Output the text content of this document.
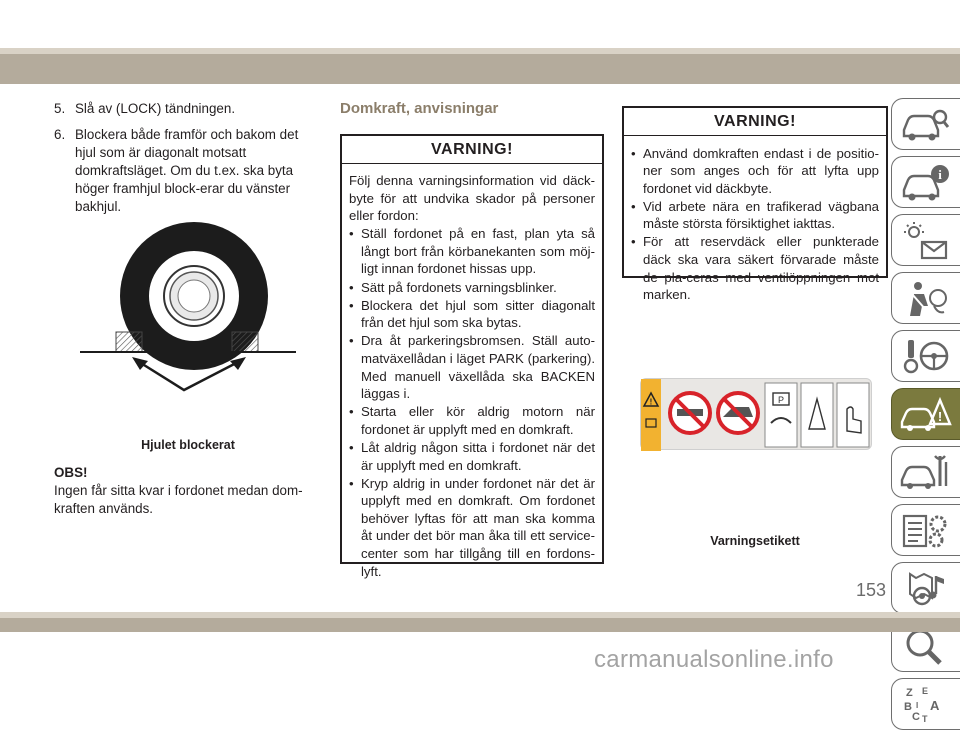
5. Slå av (LOCK) tändningen.
6. Blockera både framför och bakom det hjul som är diagonalt motsatt domkraftsläget. Om du t.ex. ska byta höger framhjul block-erar du vänster bakhjul.
Hjulet blockerat
OBS!
Ingen får sitta kvar i fordonet medan dom-kraften används.
Domkraft, anvisningar
VARNING!
Följ denna varningsinformation vid däck-byte för att undvika skador på personer eller fordon:
• Ställ fordonet på en fast, plan yta så långt bort från körbanekanten som möj-ligt innan fordonet hissas upp.
• Sätt på fordonets varningsblinker.
• Blockera det hjul som sitter diagonalt från det hjul som ska bytas.
• Dra åt parkeringsbromsen. Ställ auto-matväxellådan i läget PARK (parkering). Med manuell växellåda ska BACKEN läggas i.
• Starta eller kör aldrig motorn när fordonet är upplyft med en domkraft.
• Låt aldrig någon sitta i fordonet när det är upplyft med en domkraft.
• Kryp aldrig in under fordonet när det är upplyft med en domkraft. Om fordonet behöver lyftas för att man ska komma åt under det bör man åka till ett service-center som har tillgång till en fordons-lyft.
VARNING!
• Använd domkraften endast i de positio-ner som anges och för att lyfta upp fordonet vid däckbyte.
• Vid arbete nära en trafikerad vägbana måste största försiktighet iakttas.
• För att reservdäck eller punkterade däck ska vara säkert förvarade måste de pla-ceras med ventilöppningen mot marken.
!	P
Varningsetikett
i
!
Z E
B A
C T
I
153
carmanualsonline.info
